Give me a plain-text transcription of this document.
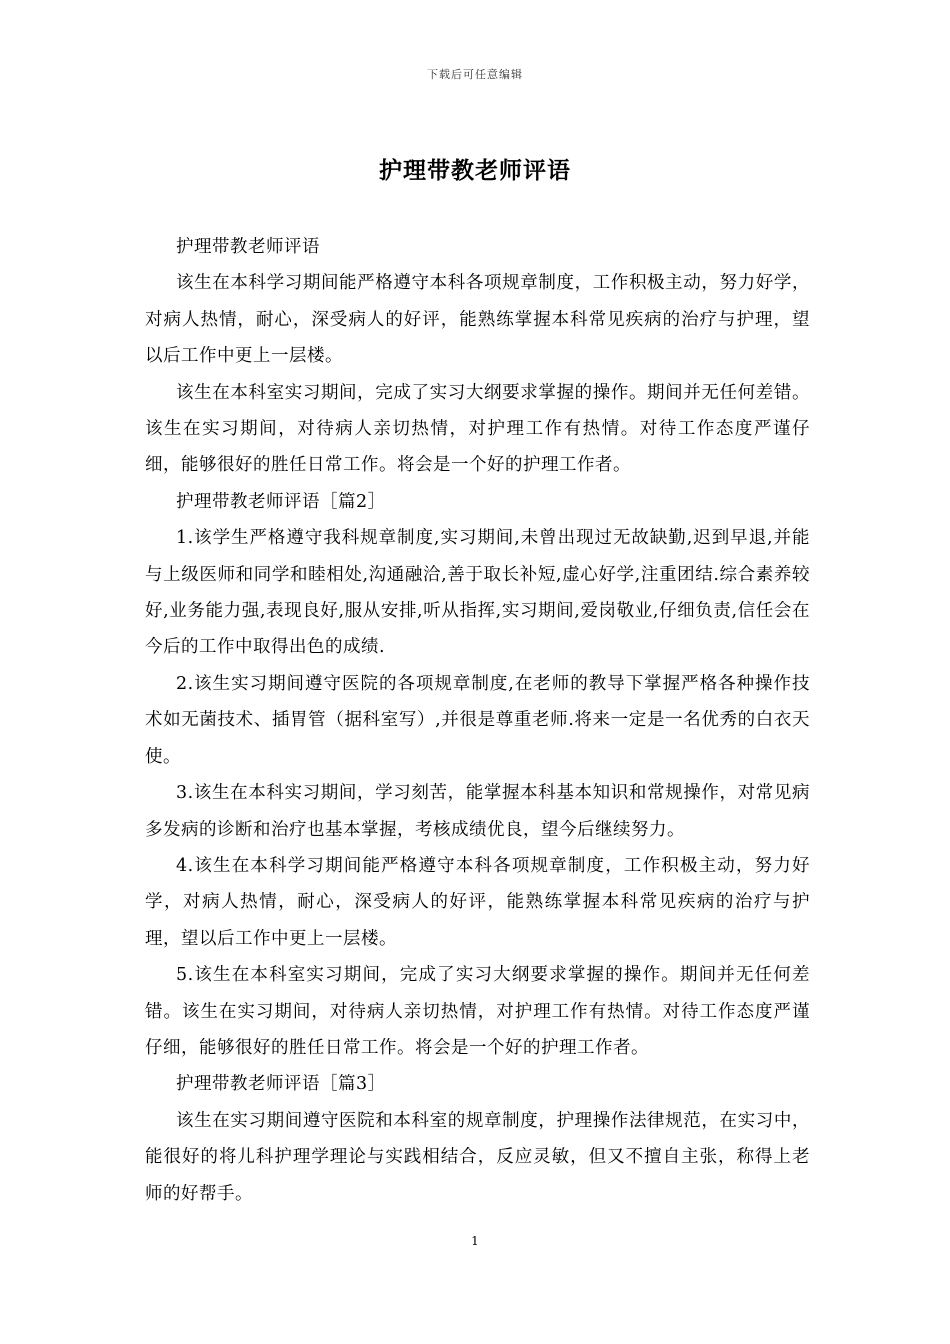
下载后可任意编辑
护理带教老师评语

护理带教老师评语

该生在本科学习期间能严格遵守本科各项规章制度，工作积极主动，努力好学，对病人热情，耐心，深受病人的好评，能熟练掌握本科常见疾病的治疗与护理，望以后工作中更上一层楼。

该生在本科室实习期间，完成了实习大纲要求掌握的操作。期间并无任何差错。该生在实习期间，对待病人亲切热情，对护理工作有热情。对待工作态度严谨仔细，能够很好的胜任日常工作。将会是一个好的护理工作者。

护理带教老师评语［篇2］

1.该学生严格遵守我科规章制度,实习期间,未曾出现过无故缺勤,迟到早退,并能与上级医师和同学和睦相处,沟通融洽,善于取长补短,虚心好学,注重团结.综合素养较好,业务能力强,表现良好,服从安排,听从指挥,实习期间,爱岗敬业,仔细负责,信任会在今后的工作中取得出色的成绩.

2.该生实习期间遵守医院的各项规章制度,在老师的教导下掌握严格各种操作技术如无菌技术、插胃管（据科室写）,并很是尊重老师.将来一定是一名优秀的白衣天使。

3.该生在本科实习期间，学习刻苦，能掌握本科基本知识和常规操作，对常见病多发病的诊断和治疗也基本掌握，考核成绩优良，望今后继续努力。

4.该生在本科学习期间能严格遵守本科各项规章制度，工作积极主动，努力好学，对病人热情，耐心，深受病人的好评，能熟练掌握本科常见疾病的治疗与护理，望以后工作中更上一层楼。

5.该生在本科室实习期间，完成了实习大纲要求掌握的操作。期间并无任何差错。该生在实习期间，对待病人亲切热情，对护理工作有热情。对待工作态度严谨仔细，能够很好的胜任日常工作。将会是一个好的护理工作者。

护理带教老师评语［篇3］

该生在实习期间遵守医院和本科室的规章制度，护理操作法律规范，在实习中，能很好的将儿科护理学理论与实践相结合，反应灵敏，但又不擅自主张，称得上老师的好帮手。

1
